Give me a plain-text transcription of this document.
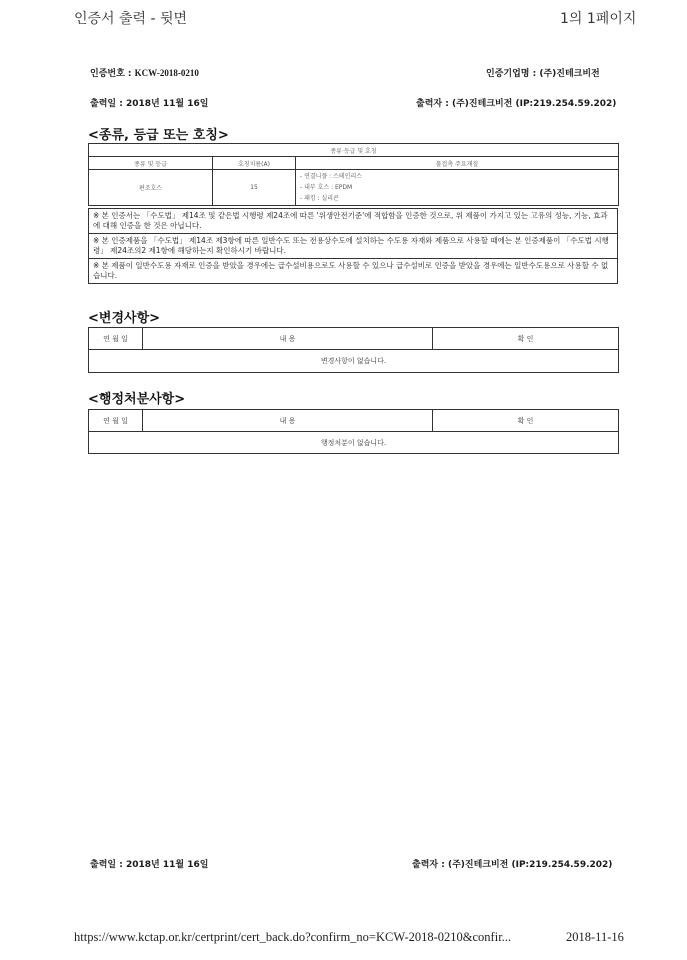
인증서 출력 - 뒷면	1의 1페이지
인증번호 : KCW-2018-0210	인증기업명 : (주)진테크비전
출력일 : 2018년 11월 16일	출력자 : (주)진테크비전 (IP:219.254.59.202)
<종류, 등급 또는 호칭>
종류·등급 및 호칭		
종류 및 등급	호칭치름(A)	물접촉 주요재질
편조호스	15	- 연결니플 : 스테인리스
- 내부 호스 : EPDM
- 패킹 : 실리콘
※ 본 인증서는 「수도법」 제14조 및 같은법 시행령 제24조에 따른 '위생안전기준'에 적합함을 인증한 것으로, 위 제품이 가지고 있는 고유의 성능, 기능, 효과에 대해 인증을 한 것은 아닙니다.
※ 본 인증제품을 「수도법」 제14조 제3항에 따른 일반수도 또는 전용상수도에 설치하는 수도용 자재와 제품으로 사용할 때에는 본 인증제품이 「수도법 시행령」 제24조의2 제1항에 해당하는지 확인하시기 바랍니다.
※ 본 제품이 일반수도용 자재로 인증을 받았을 경우에는 급수설비용으로도 사용할 수 있으나 급수설비로 인증을 받았을 경우에는 일반수도용으로 사용할 수 없습니다.
<변경사항>
연 월 일	내 용	확 인
변경사항이 없습니다.
<행정처분사항>
연 월 일	내 용	확 인
행정처분이 없습니다.
출력일 : 2018년 11월 16일	출력자 : (주)진테크비전 (IP:219.254.59.202)
https://www.kctap.or.kr/certprint/cert_back.do?confirm_no=KCW-2018-0210&confir...	2018-11-16
